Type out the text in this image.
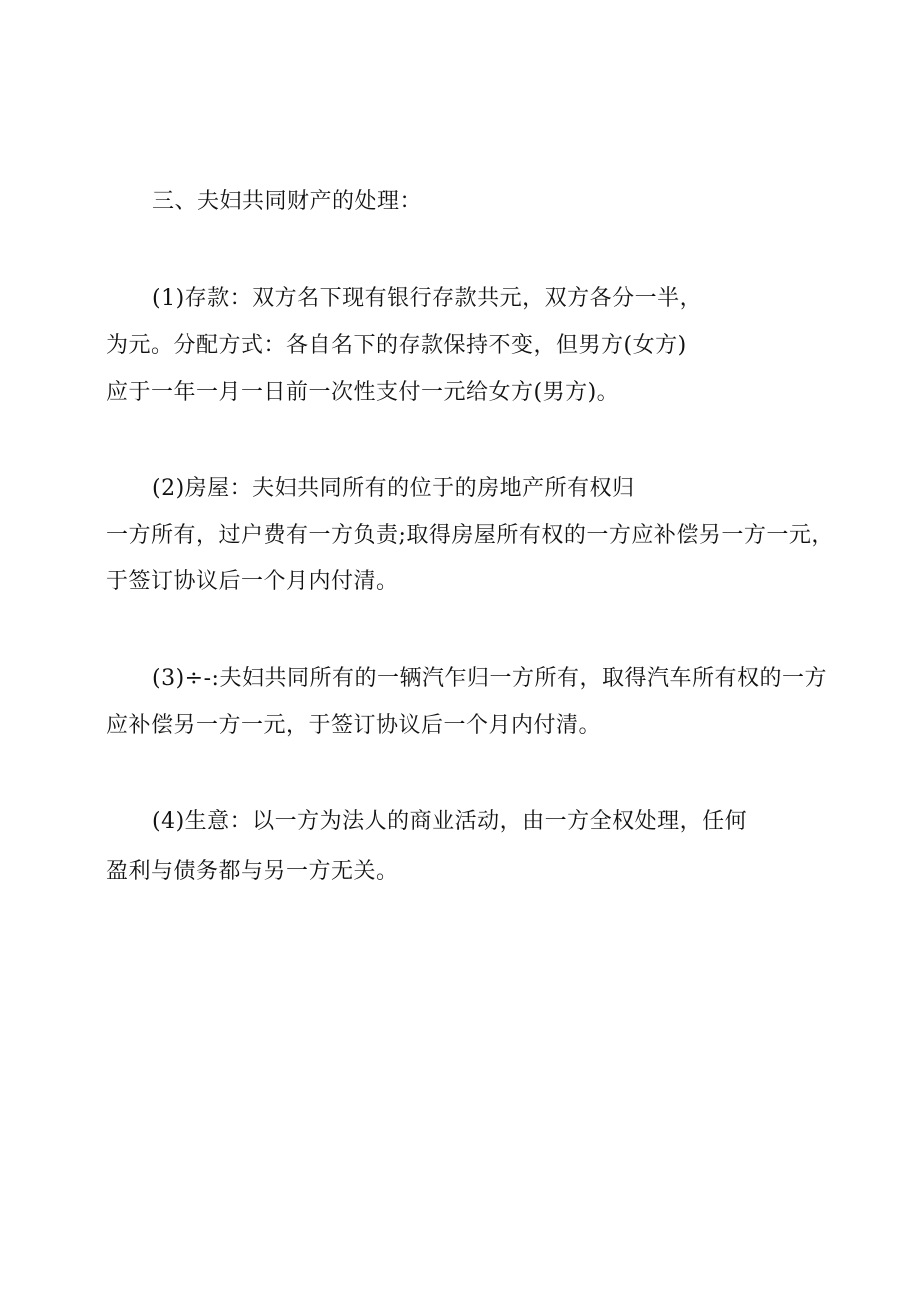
三、夫妇共同财产的处理：
(1)存款：双方名下现有银行存款共元，双方各分一半，
为元。分配方式：各自名下的存款保持不变，但男方(女方)
应于一年一月一日前一次性支付一元给女方(男方)。
(2)房屋：夫妇共同所有的位于的房地产所有权归
一方所有，过户费有一方负责;取得房屋所有权的一方应补偿另一方一元，
于签订协议后一个月内付清。
(3)÷-:夫妇共同所有的一辆汽乍归一方所有，取得汽车所有权的一方
应补偿另一方一元，于签订协议后一个月内付清。
(4)生意：以一方为法人的商业活动，由一方全权处理，任何
盈利与债务都与另一方无关。
